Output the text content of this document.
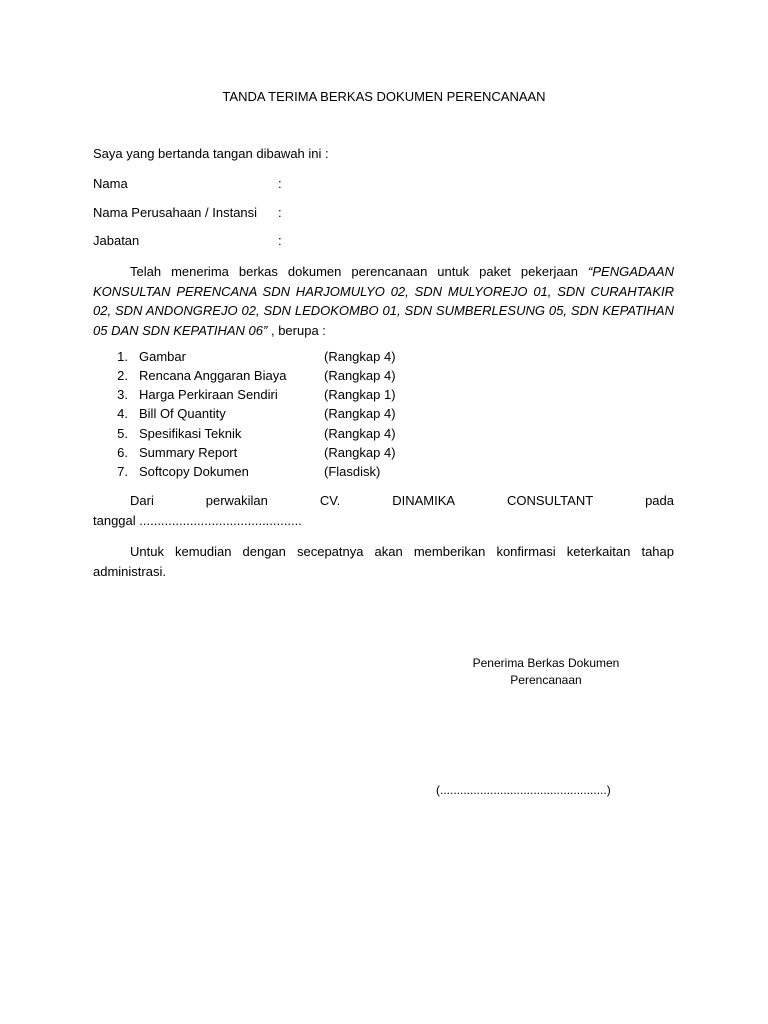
TANDA TERIMA BERKAS DOKUMEN PERENCANAAN
Saya yang bertanda tangan dibawah ini :
Nama	:
Nama Perusahaan / Instansi :
Jabatan	:
Telah menerima berkas dokumen perencanaan untuk paket pekerjaan “PENGADAAN KONSULTAN PERENCANA SDN HARJOMULYO 02, SDN MULYOREJO 01, SDN CURAHTAKIR 02, SDN ANDONGREJO 02, SDN LEDOKOMBO 01, SDN SUMBERLESUNG 05, SDN KEPATIHAN 05 DAN SDN KEPATIHAN 06” , berupa :
1. Gambar	(Rangkap 4)
2. Rencana Anggaran Biaya	(Rangkap 4)
3. Harga Perkiraan Sendiri	(Rangkap 1)
4. Bill Of Quantity	(Rangkap 4)
5. Spesifikasi Teknik	(Rangkap 4)
6. Summary Report	(Rangkap 4)
7. Softcopy Dokumen	(Flasdisk)
Dari	perwakilan	CV.	DINAMIKA	CONSULTANT	pada
tanggal .............................................
Untuk kemudian dengan secepatnya akan memberikan konfirmasi keterkaitan tahap administrasi.
Penerima Berkas Dokumen Perencanaan
(..................................................)
